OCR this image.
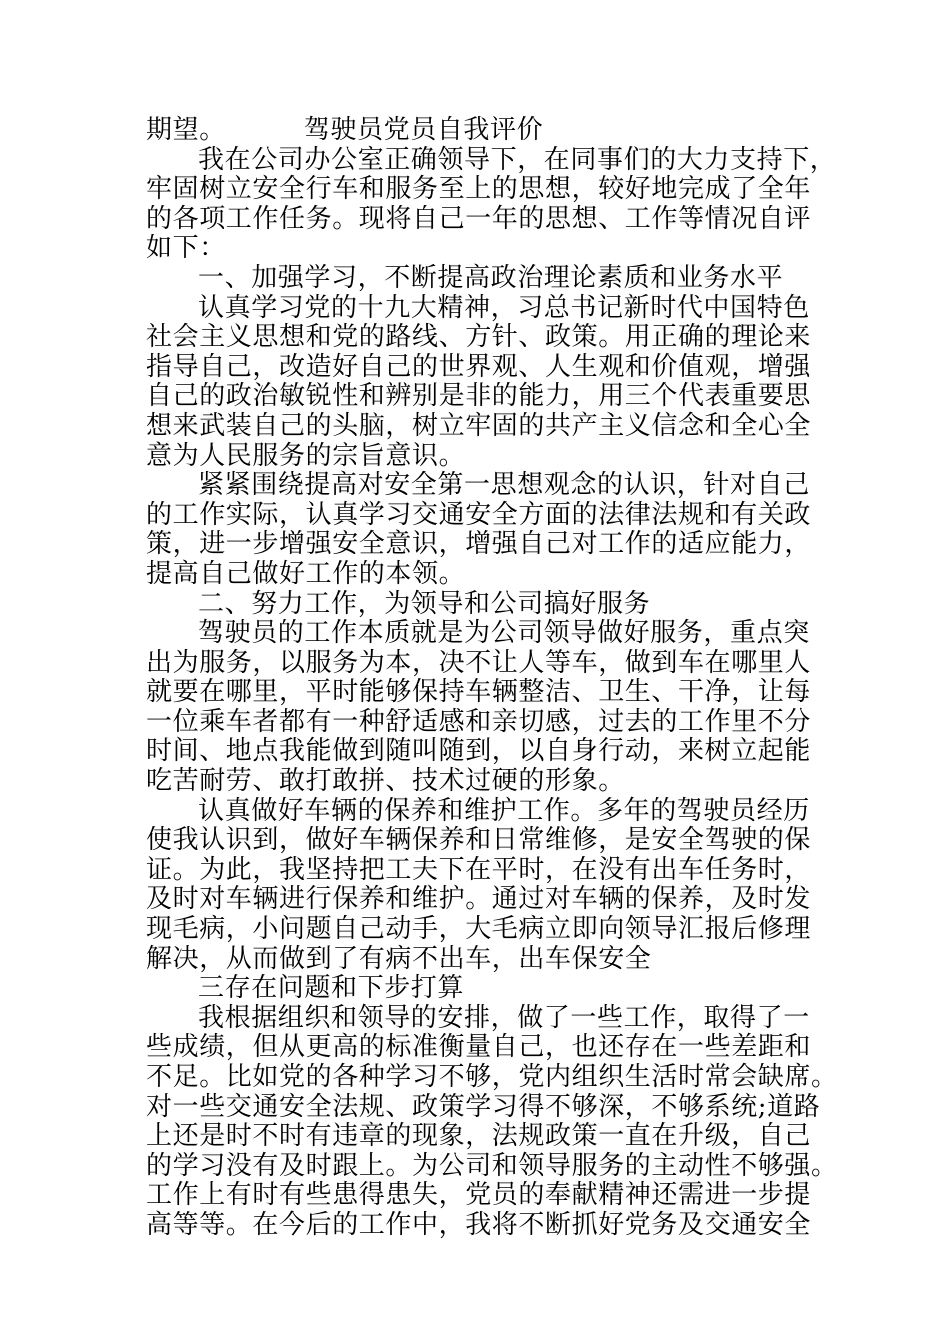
期望。	驾驶员党员自我评价
我在公司办公室正确领导下，在同事们的大力支持下，
牢固树立安全行车和服务至上的思想，较好地完成了全年
的各项工作任务。现将自己一年的思想、工作等情况自评
如下：
一、加强学习，不断提高政治理论素质和业务水平
认真学习党的十九大精神，习总书记新时代中国特色
社会主义思想和党的路线、方针、政策。用正确的理论来
指导自己，改造好自己的世界观、人生观和价值观，增强
自己的政治敏锐性和辨别是非的能力，用三个代表重要思
想来武装自己的头脑，树立牢固的共产主义信念和全心全
意为人民服务的宗旨意识。
紧紧围绕提高对安全第一思想观念的认识，针对自己
的工作实际，认真学习交通安全方面的法律法规和有关政
策，进一步增强安全意识，增强自己对工作的适应能力，
提高自己做好工作的本领。
二、努力工作，为领导和公司搞好服务
驾驶员的工作本质就是为公司领导做好服务，重点突
出为服务，以服务为本，决不让人等车，做到车在哪里人
就要在哪里，平时能够保持车辆整洁、卫生、干净，让每
一位乘车者都有一种舒适感和亲切感，过去的工作里不分
时间、地点我能做到随叫随到，以自身行动，来树立起能
吃苦耐劳、敢打敢拼、技术过硬的形象。
认真做好车辆的保养和维护工作。多年的驾驶员经历
使我认识到，做好车辆保养和日常维修，是安全驾驶的保
证。为此，我坚持把工夫下在平时，在没有出车任务时，
及时对车辆进行保养和维护。通过对车辆的保养，及时发
现毛病，小问题自己动手，大毛病立即向领导汇报后修理
解决，从而做到了有病不出车，出车保安全
三存在问题和下步打算
我根据组织和领导的安排，做了一些工作，取得了一
些成绩，但从更高的标准衡量自己，也还存在一些差距和
不足。比如党的各种学习不够，党内组织生活时常会缺席。
对一些交通安全法规、政策学习得不够深，不够系统;道路
上还是时不时有违章的现象，法规政策一直在升级，自己
的学习没有及时跟上。为公司和领导服务的主动性不够强。
工作上有时有些患得患失，党员的奉献精神还需进一步提
高等等。在今后的工作中，我将不断抓好党务及交通安全
